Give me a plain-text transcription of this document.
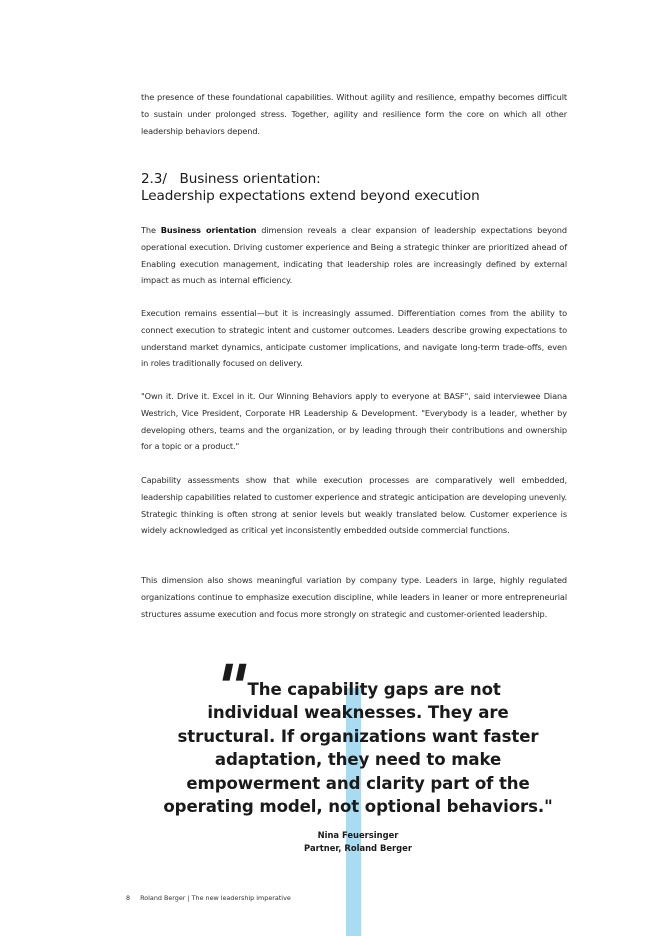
the presence of these foundational capabilities. Without agility and resilience, empathy becomes difficult to sustain under prolonged stress. Together, agility and resilience form the core on which all other leadership behaviors depend.

2.3/ Business orientation:
Leadership expectations extend beyond execution

The Business orientation dimension reveals a clear expansion of leadership expectations beyond operational execution. Driving customer experience and Being a strategic thinker are prioritized ahead of Enabling execution management, indicating that leadership roles are increasingly defined by external impact as much as internal efficiency.

Execution remains essential—but it is increasingly assumed. Differentiation comes from the ability to connect execution to strategic intent and customer outcomes. Leaders describe growing expectations to understand market dynamics, anticipate customer implications, and navigate long-term trade-offs, even in roles traditionally focused on delivery.

"Own it. Drive it. Excel in it. Our Winning Behaviors apply to everyone at BASF", said interviewee Diana Westrich, Vice President, Corporate HR Leadership & Development. "Everybody is a leader, whether by developing others, teams and the organization, or by leading through their contributions and ownership for a topic or a product."

Capability assessments show that while execution processes are comparatively well embedded, leadership capabilities related to customer experience and strategic anticipation are developing unevenly. Strategic thinking is often strong at senior levels but weakly translated below. Customer experience is widely acknowledged as critical yet inconsistently embedded outside commercial functions.

This dimension also shows meaningful variation by company type. Leaders in large, highly regulated organizations continue to emphasize execution discipline, while leaders in leaner or more entrepreneurial structures assume execution and focus more strongly on strategic and customer-oriented leadership.

"The capability gaps are not
individual weaknesses. They are
structural. If organizations want faster
adaptation, they need to make
empowerment and clarity part of the
operating model, not optional behaviors."
Nina Feuersinger
Partner, Roland Berger
8 Roland Berger | The new leadership imperative
